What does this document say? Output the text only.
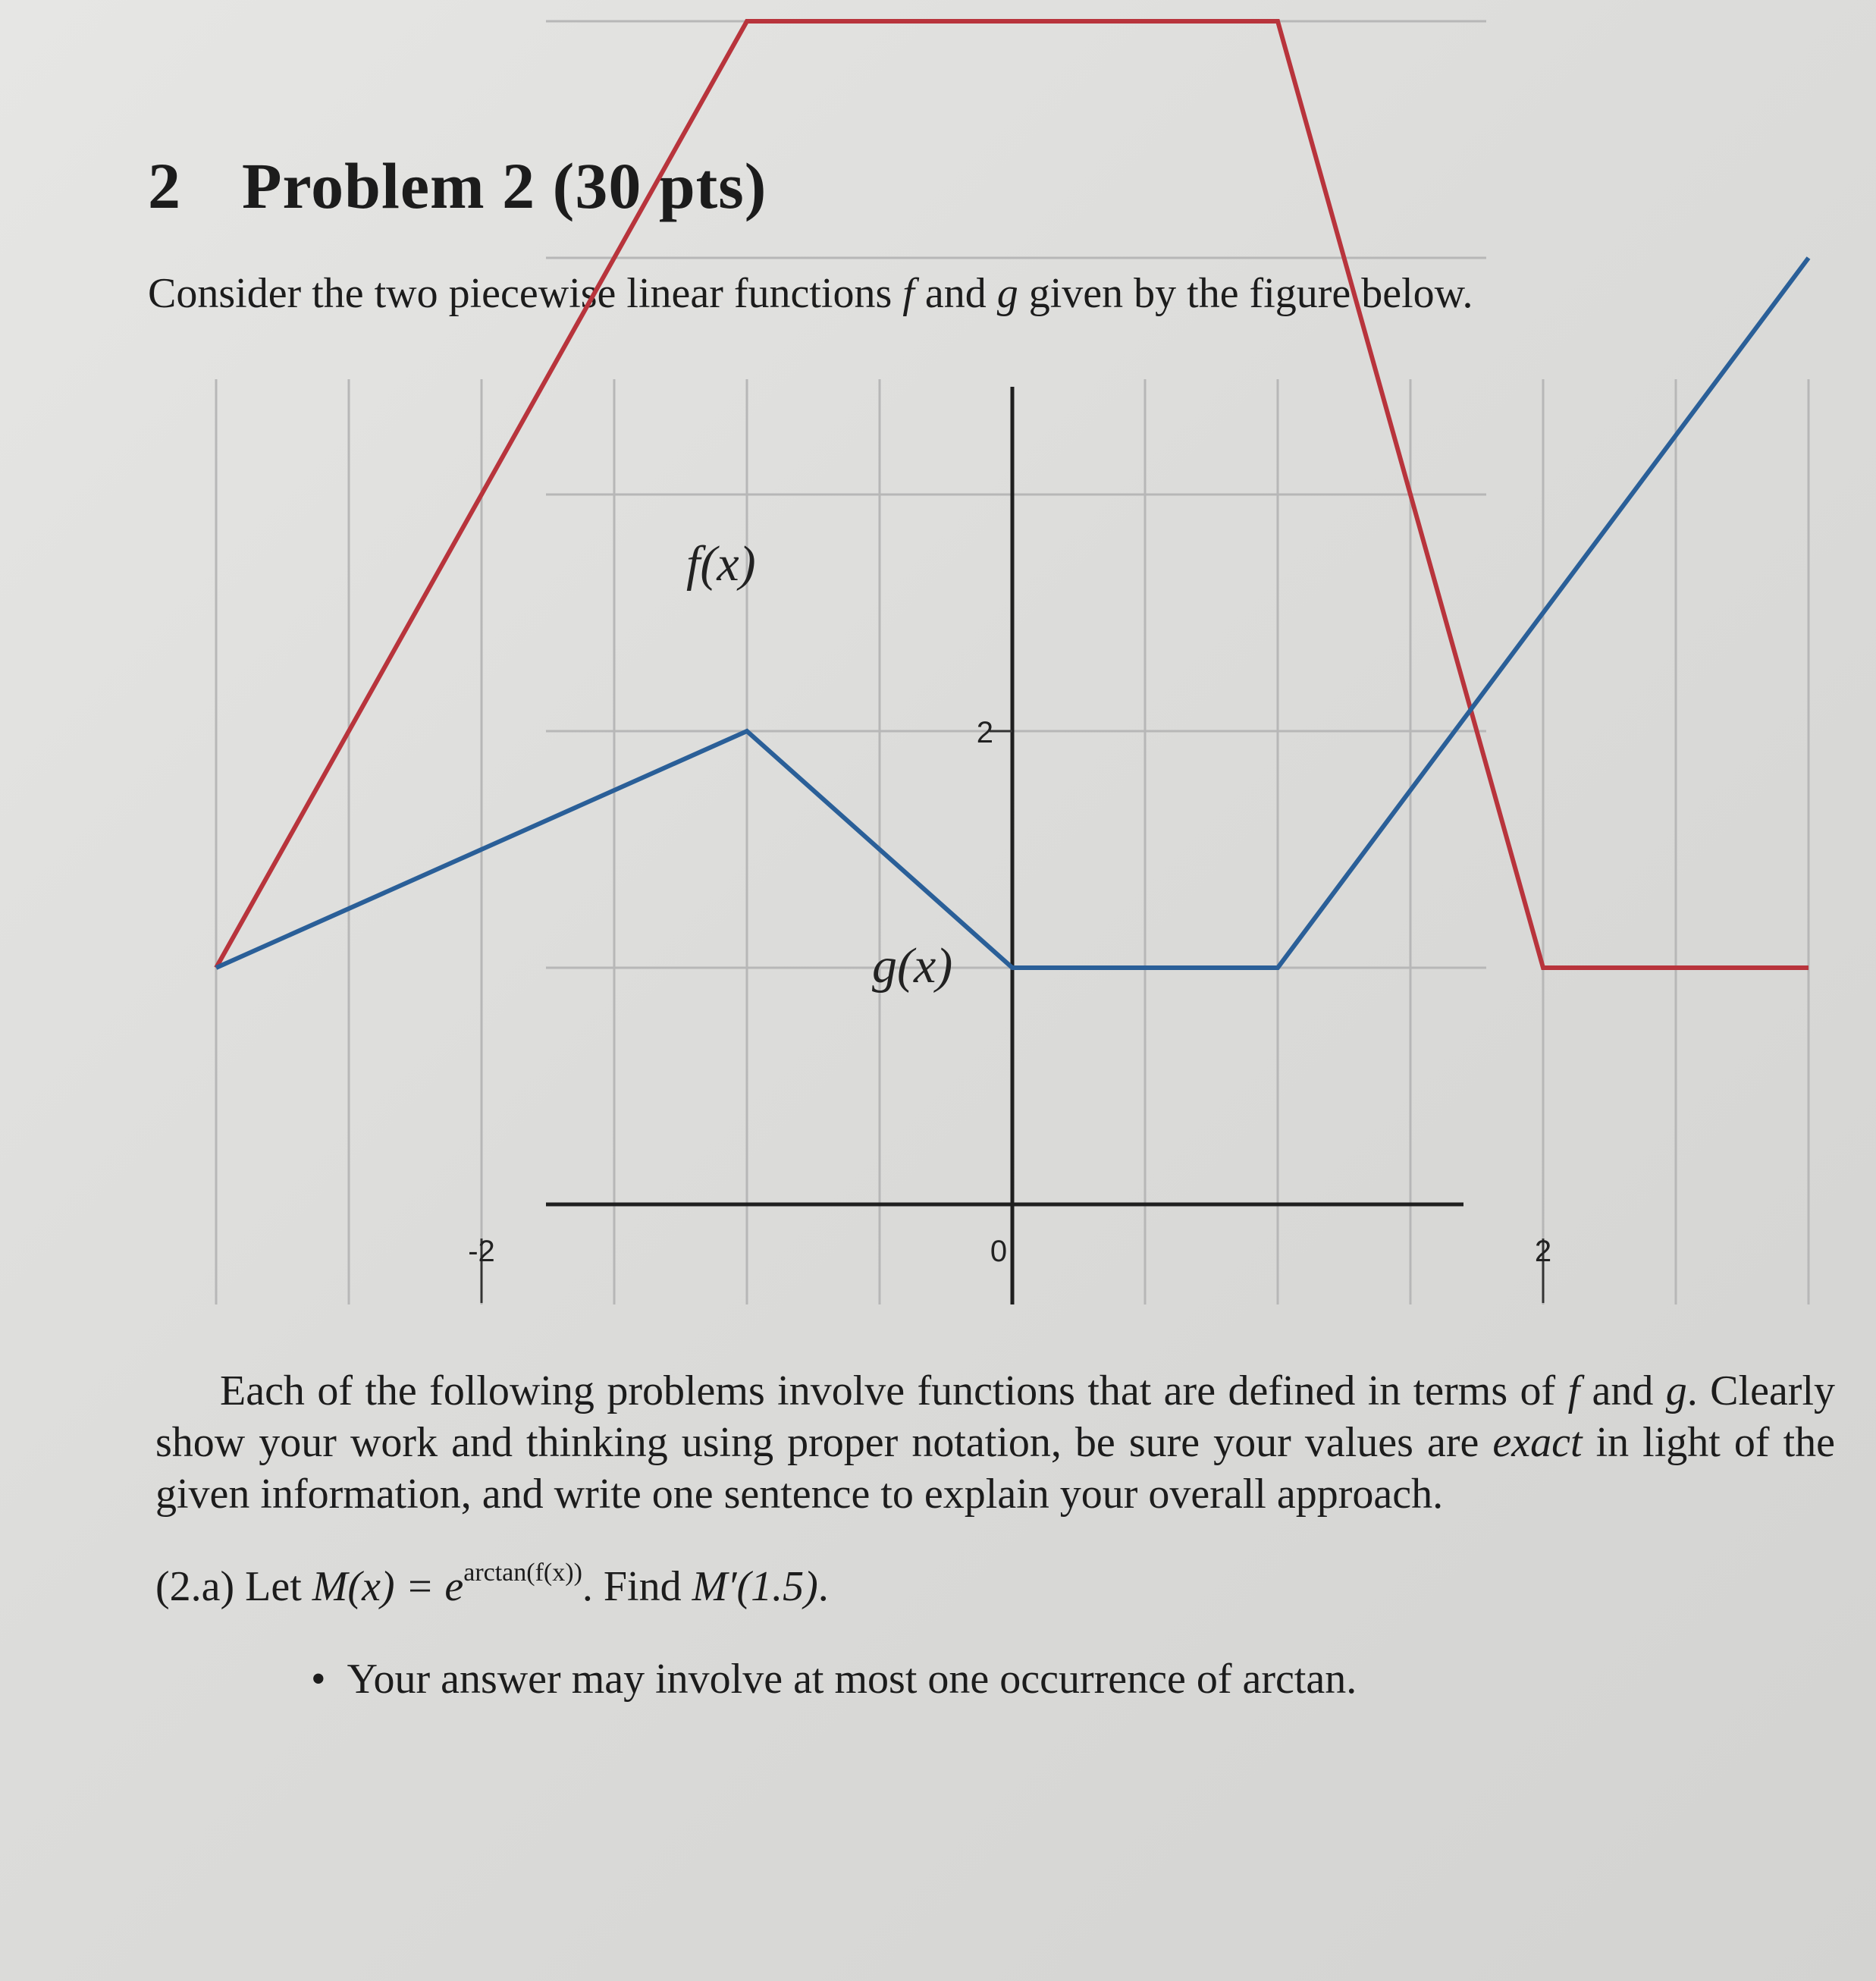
2 Problem 2 (30 pts)
Consider the two piecewise linear functions f and g given by the figure below.
-2	0	2
2
f(x)
g(x)
Each of the following problems involve functions that are defined in terms of f and g. Clearly show your work and thinking using proper notation, be sure your values are exact in light of the given information, and write one sentence to explain your overall approach.
(2.a) Let $M(x) = e^{arctan(f(x))}$. Find M′(1.5).
• Your answer may involve at most one occurrence of arctan.
